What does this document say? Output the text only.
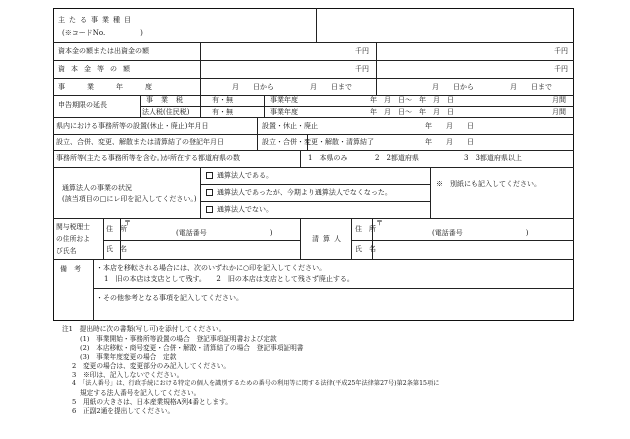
主たる事業種目
(※コードNo.　　　　　)
資本金の額または出資金の額	千円	千円
資本金等の額	千円	千円
事業年度	月　　日から	月　　日まで	月　　日から	月　　日まで
申告期限の延長
事業税	有・無	事業年度	年　月　日～　年　月　日	月間
法人税(住民税)	有・無	事業年度	年　月　日～　年　月　日	月間
県内における事務所等の設置(休止・廃止)年月日	設置・休止・廃止	年　　月　　日
設立、合併、変更、解散または清算結了の登記年月日	設立・合併・変更・解散・清算結了	年　　月　　日
事務所等(主たる事務所等を含む。)が所在する都道府県の数	1　本県のみ	2　2都道府県	3　3都道府県以上
通算法人の事業の状況
(該当項目の□にレ印を記入してください。)
通算法人である。
通算法人であったが、今期より通算法人でなくなった。
通算法人でない。
※　別紙にも記入してください。
関与税理士
の住所およ
び氏名
住　所
〒
(電話番号　　　　　　　　　)
氏　名
清算人
住　所
〒
(電話番号　　　　　　　　　)
氏　名
備　考 ・本店を移転される場合には、次のいずれかに○印を記入してください。
1　旧の本店は支店として残す。　　2　旧の本店は支店として残さず廃止する。
・その他参考となる事項を記入してください。
注1　提出時に次の書類(写し可)を添付してください。
(1)　事業開始・事務所等設置の場合　登記事項証明書および定款
(2)　本店移転・商号変更・合併・解散・清算結了の場合　登記事項証明書
(3)　事業年度変更の場合　定款
2　変更の場合は、変更部分のみ記入してください。
3　※印は、記入しないでください。
4　「法人番号」は、行政手続における特定の個人を識別するための番号の利用等に関する法律(平成25年法律第27号)第2条第15項に
規定する法人番号を記入してください。
5　用紙の大きさは、日本産業規格A列4番とします。
6　正副2通を提出してください。
